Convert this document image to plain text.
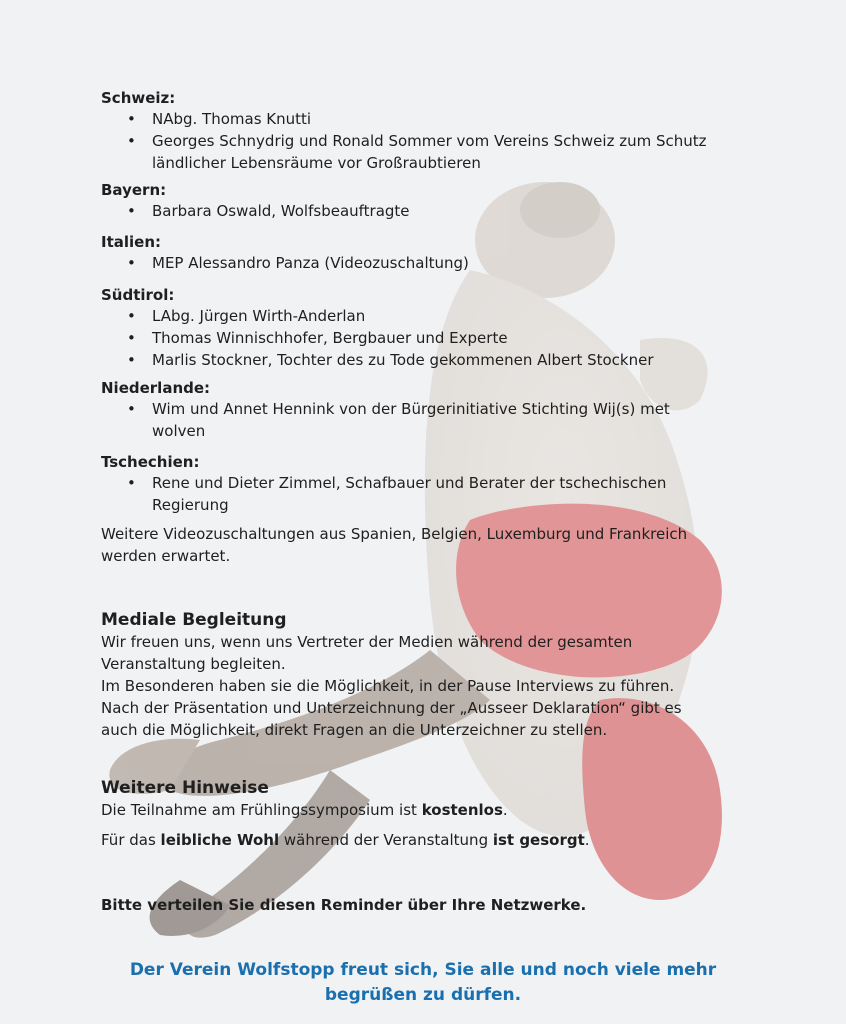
Schweiz:

• NAbg. Thomas Knutti
• Georges Schnydrig und Ronald Sommer vom Vereins Schweiz zum Schutz ländlicher Lebensräume vor Großraubtieren

Bayern:

• Barbara Oswald, Wolfsbeauftragte

Italien:

• MEP Alessandro Panza (Videozuschaltung)

Südtirol:

• LAbg. Jürgen Wirth-Anderlan
• Thomas Winnischhofer, Bergbauer und Experte
• Marlis Stockner, Tochter des zu Tode gekommenen Albert Stockner

Niederlande:

• Wim und Annet Hennink von der Bürgerinitiative Stichting Wij(s) met wolven

Tschechien:

• Rene und Dieter Zimmel, Schafbauer und Berater der tschechischen Regierung

Weitere Videozuschaltungen aus Spanien, Belgien, Luxemburg und Frankreich werden erwartet.

Mediale Begleitung

Wir freuen uns, wenn uns Vertreter der Medien während der gesamten Veranstaltung begleiten.

Im Besonderen haben sie die Möglichkeit, in der Pause Interviews zu führen.

Nach der Präsentation und Unterzeichnung der „Ausseer Deklaration“ gibt es auch die Möglichkeit, direkt Fragen an die Unterzeichner zu stellen.

Weitere Hinweise

Die Teilnahme am Frühlingssymposium ist kostenlos.

Für das leibliche Wohl während der Veranstaltung ist gesorgt.

Bitte verteilen Sie diesen Reminder über Ihre Netzwerke.

Der Verein Wolfstopp freut sich, Sie alle und noch viele mehr
begrüßen zu dürfen.
